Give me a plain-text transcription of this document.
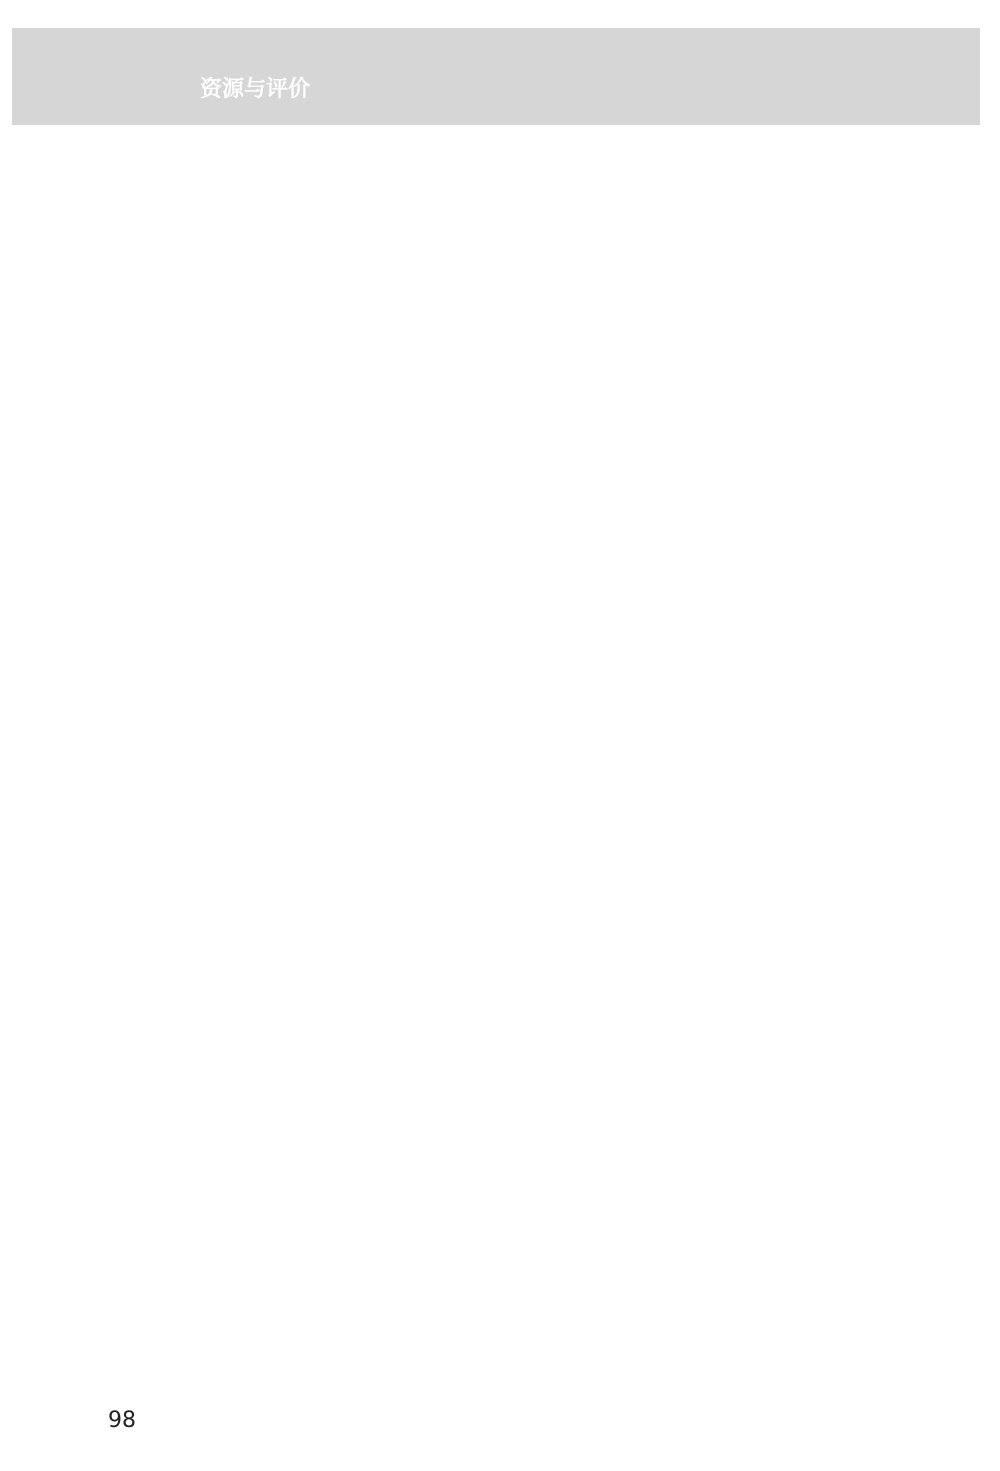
资源与评价
98
